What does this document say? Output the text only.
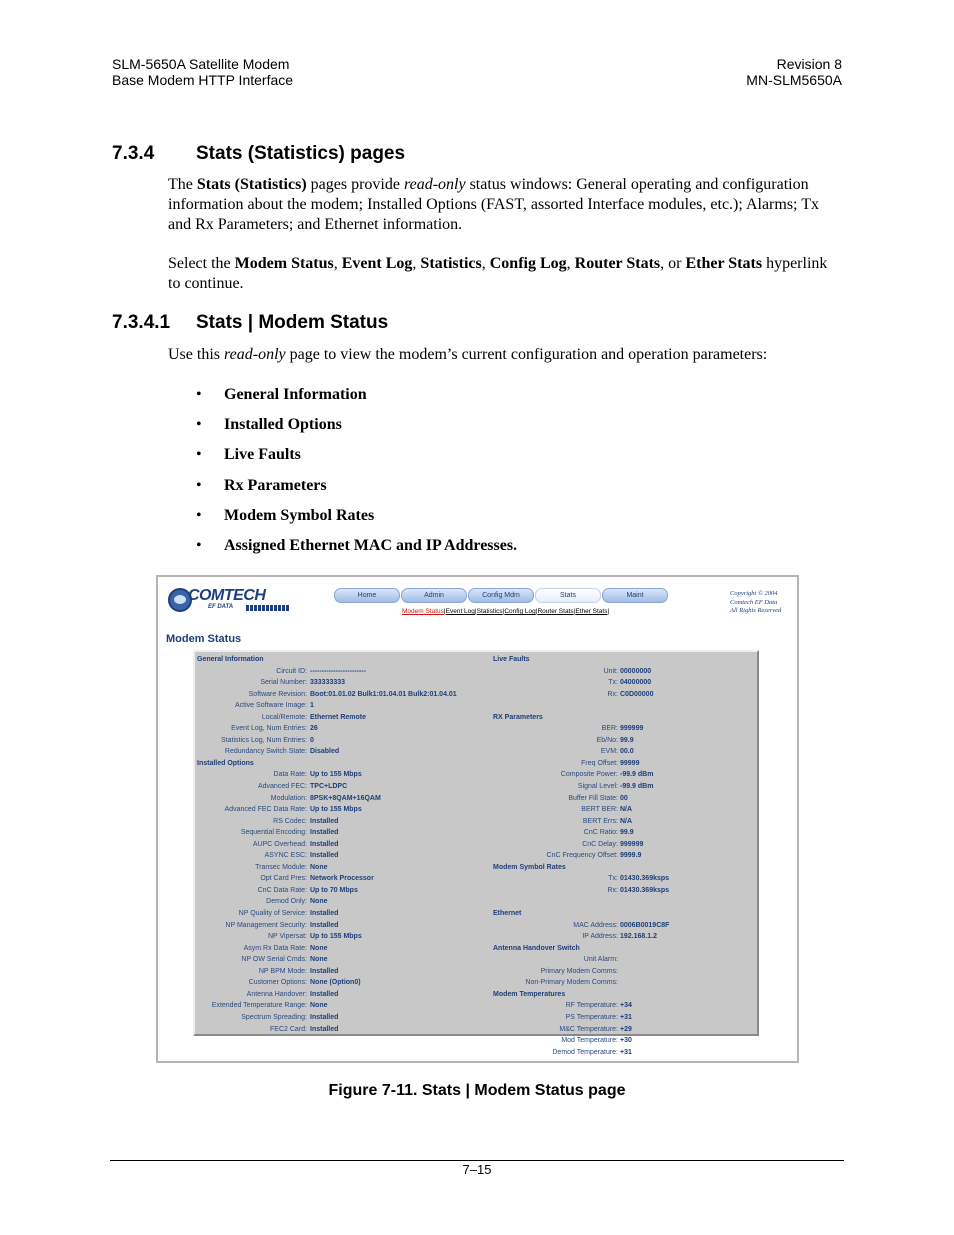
SLM-5650A Satellite Modem
Base Modem HTTP Interface
Revision 8
MN-SLM5650A
7.3.4 Stats (Statistics) pages
The Stats (Statistics) pages provide read-only status windows: General operating and configuration information about the modem; Installed Options (FAST, assorted Interface modules, etc.); Alarms; Tx and Rx Parameters; and Ethernet information.
Select the Modem Status, Event Log, Statistics, Config Log, Router Stats, or Ether Stats hyperlink to continue.
7.3.4.1 Stats | Modem Status
Use this read-only page to view the modem’s current configuration and operation parameters:
• General Information
• Installed Options
• Live Faults
• Rx Parameters
• Modem Symbol Rates
• Assigned Ethernet MAC and IP Addresses.
COMTECH
EF DATA
Home	Admin	Config Mdm	Stats	Maint
Modem Status|Event Log|Statistics|Config Log|Router Stats|Ether Stats|
Copyright © 2004
Comtech EF Data
All Rights Reserved
Modem Status
General Information
Circuit ID: ------------------------
Serial Number: 333333333
Software Revision: Boot:01.01.02 Bulk1:01.04.01 Bulk2:01.04.01
Active Software Image: 1
Local/Remote: Ethernet Remote
Event Log, Num Entries: 26
Statistics Log, Num Entries: 0
Redundancy Switch State: Disabled
Installed Options
Data Rate: Up to 155 Mbps
Advanced FEC: TPC+LDPC
Modulation: 8PSK+8QAM+16QAM
Advanced FEC Data Rate: Up to 155 Mbps
RS Codec: Installed
Sequential Encoding: Installed
AUPC Overhead: Installed
ASYNC ESC: Installed
Transec Module: None
Opt Card Pres: Network Processor
CnC Data Rate: Up to 70 Mbps
Demod Only: None
NP Quality of Service: Installed
NP Management Security: Installed
NP Vipersat: Up to 155 Mbps
Asym Rx Data Rate: None
NP OW Serial Cmds: None
NP BPM Mode: Installed
Customer Options: None (Option0)
Antenna Handover: Installed
Extended Temperature Range: None
Spectrum Spreading: Installed
FEC2 Card: Installed
Live Faults
Unit: 00000000
Tx: 04000000
Rx: C0D00000
RX Parameters
BER: 999999
Eb/No: 99.9
EVM: 00.0
Freq Offset: 99999
Composite Power: -99.9 dBm
Signal Level: -99.9 dBm
Buffer Fill State: 00
BERT BER: N/A
BERT Errs: N/A
CnC Ratio: 99.9
CnC Delay: 999999
CnC Frequency Offset: 9999.9
Modem Symbol Rates
Tx: 01430.369ksps
Rx: 01430.369ksps
Ethernet
MAC Address: 0006B0019C8F
IP Address: 192.168.1.2
Antenna Handover Switch
Unit Alarm:
Primary Modem Comms:
Non-Primary Modem Comms:
Modem Temperatures
RF Temperature: +34
PS Temperature: +31
M&C Temperature: +29
Mod Temperature: +30
Demod Temperature: +31
Figure 7-11. Stats | Modem Status page
7–15
